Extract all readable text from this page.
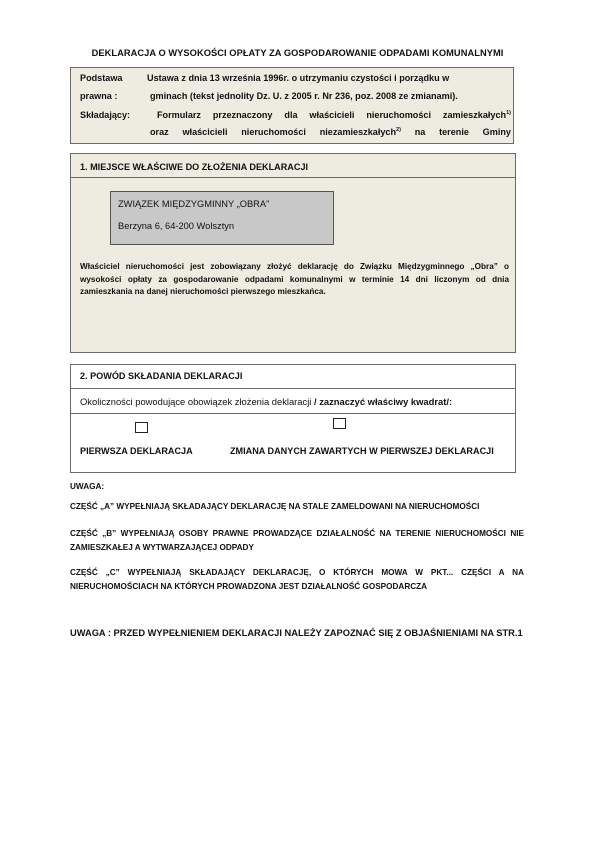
DEKLARACJA O WYSOKOŚCI OPŁATY ZA GOSPODAROWANIE ODPADAMI KOMUNALNYMI
Podstawa
prawna :
Składający:
Ustawa z dnia 13 września 1996r. o utrzymaniu czystości i porządku w
gminach (tekst jednolity Dz. U. z 2005 r. Nr 236, poz. 2008 ze zmianami).
Formularz przeznaczony dla właścicieli nieruchomości zamieszkałych$^{1)}$
oraz właścicieli nieruchomości niezamieszkałych$^{2)}$ na terenie Gminy
1. MIEJSCE WŁAŚCIWE DO ZŁOŻENIA DEKLARACJI
ZWIĄZEK MIĘDZYGMINNY „OBRA”
Berzyna 6, 64-200 Wolsztyn
Właściciel nieruchomości jest zobowiązany złożyć deklarację do Związku Międzygminnego „Obra” o wysokości opłaty za gospodarowanie odpadami komunalnymi w terminie 14 dni liczonym od dnia zamieszkania na danej nieruchomości pierwszego mieszkańca.
2. POWÓD SKŁADANIA DEKLARACJI
Okoliczności powodujące obowiązek złożenia deklaracji / zaznaczyć właściwy kwadrat/:
PIERWSZA DEKLARACJA	ZMIANA DANYCH ZAWARTYCH W PIERWSZEJ DEKLARACJI
UWAGA:
CZĘŚĆ „A” WYPEŁNIAJĄ SKŁADAJĄCY DEKLARACJĘ NA STALE ZAMELDOWANI NA NIERUCHOMOŚCI
CZĘŚĆ „B” WYPEŁNIAJĄ OSOBY PRAWNE PROWADZĄCE DZIAŁALNOŚĆ NA TERENIE NIERUCHOMOŚCI NIE
ZAMIESZKAŁEJ A WYTWARZAJĄCEJ ODPADY
CZĘŚĆ „C” WYPEŁNIAJĄ SKŁADAJĄCY DEKLARACJĘ, O KTÓRYCH MOWA W PKT... CZĘŚCI A NA
NIERUCHOMOŚCIACH NA KTÓRYCH PROWADZONA JEST DZIAŁALNOŚĆ GOSPODARCZA
UWAGA : PRZED WYPEŁNIENIEM DEKLARACJI NALEŻY ZAPOZNAĆ SIĘ Z OBJAŚNIENIAMI NA STR.1
